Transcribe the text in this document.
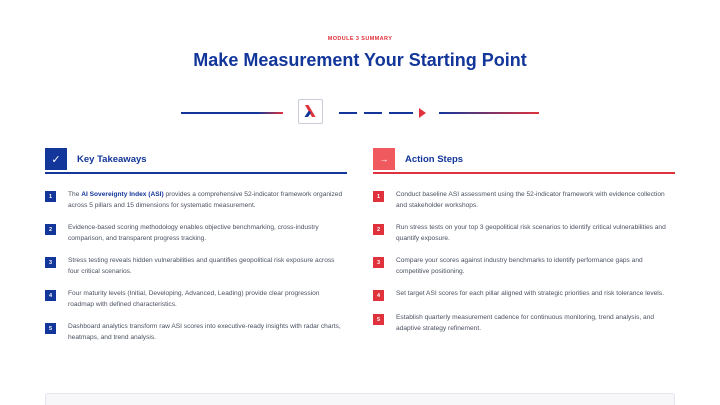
MODULE 3 SUMMARY
Make Measurement Your Starting Point
✓	Key Takeaways
1	The AI Sovereignty Index (ASI) provides a comprehensive 52-indicator framework organized across 5 pillars and 15 dimensions for systematic measurement.
2	Evidence-based scoring methodology enables objective benchmarking, cross-industry comparison, and transparent progress tracking.
3	Stress testing reveals hidden vulnerabilities and quantifies geopolitical risk exposure across four critical scenarios.
4	Four maturity levels (Initial, Developing, Advanced, Leading) provide clear progression roadmap with defined characteristics.
5	Dashboard analytics transform raw ASI scores into executive-ready insights with radar charts, heatmaps, and trend analysis.
→	Action Steps
1	Conduct baseline ASI assessment using the 52-indicator framework with evidence collection and stakeholder workshops.
2	Run stress tests on your top 3 geopolitical risk scenarios to identify critical vulnerabilities and quantify exposure.
3	Compare your scores against industry benchmarks to identify performance gaps and competitive positioning.
4	Set target ASI scores for each pillar aligned with strategic priorities and risk tolerance levels.
5	Establish quarterly measurement cadence for continuous monitoring, trend analysis, and adaptive strategy refinement.
